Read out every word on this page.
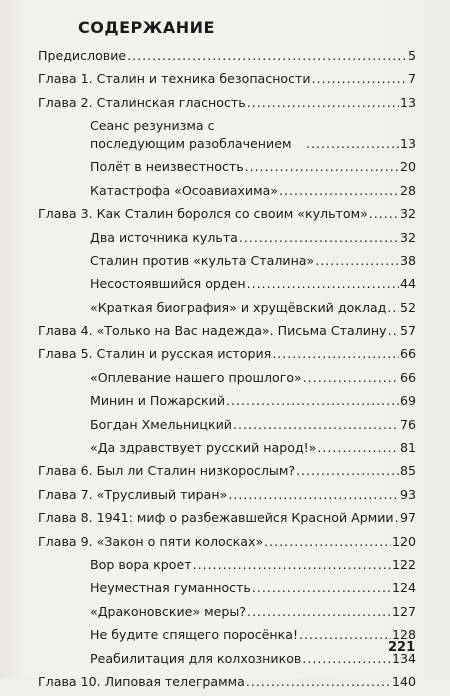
СОДЕРЖАНИЕ
Предисловие .....	5
Глава 1. Сталин и техника безопасности .....	7
Глава 2. Сталинская гласность .....	13
Сеанс резунизма с последующим разоблачением .....	13
Полёт в неизвестность .....	20
Катастрофа «Осоавиахима» .....	28
Глава 3. Как Сталин боролся со своим «культом» .....	32
Два источника культа .....	32
Сталин против «культа Сталина» .....	38
Несостоявшийся орден .....	44
«Краткая биография» и хрущёвский доклад ..... 52
Глава 4. «Только на Вас надежда». Письма Сталину ..... 57
Глава 5. Сталин и русская история .....	66
«Оплевание нашего прошлого» .....	66
Минин и Пожарский .....	69
Богдан Хмельницкий .....	76
«Да здравствует русский народ!» .....	81
Глава 6. Был ли Сталин низкорослым? .....	85
Глава 7. «Трусливый тиран» .....	93
Глава 8. 1941: миф о разбежавшейся Красной Армии ..... 97
Глава 9. «Закон о пяти колосках» .....	120
Вор вора кроет .....	122
Неуместная гуманность .....	124
«Драконовские» меры? .....	127
Не будите спящего поросёнка! .....	128
Реабилитация для колхозников .....	134
Глава 10. Липовая телеграмма .....	140
221
